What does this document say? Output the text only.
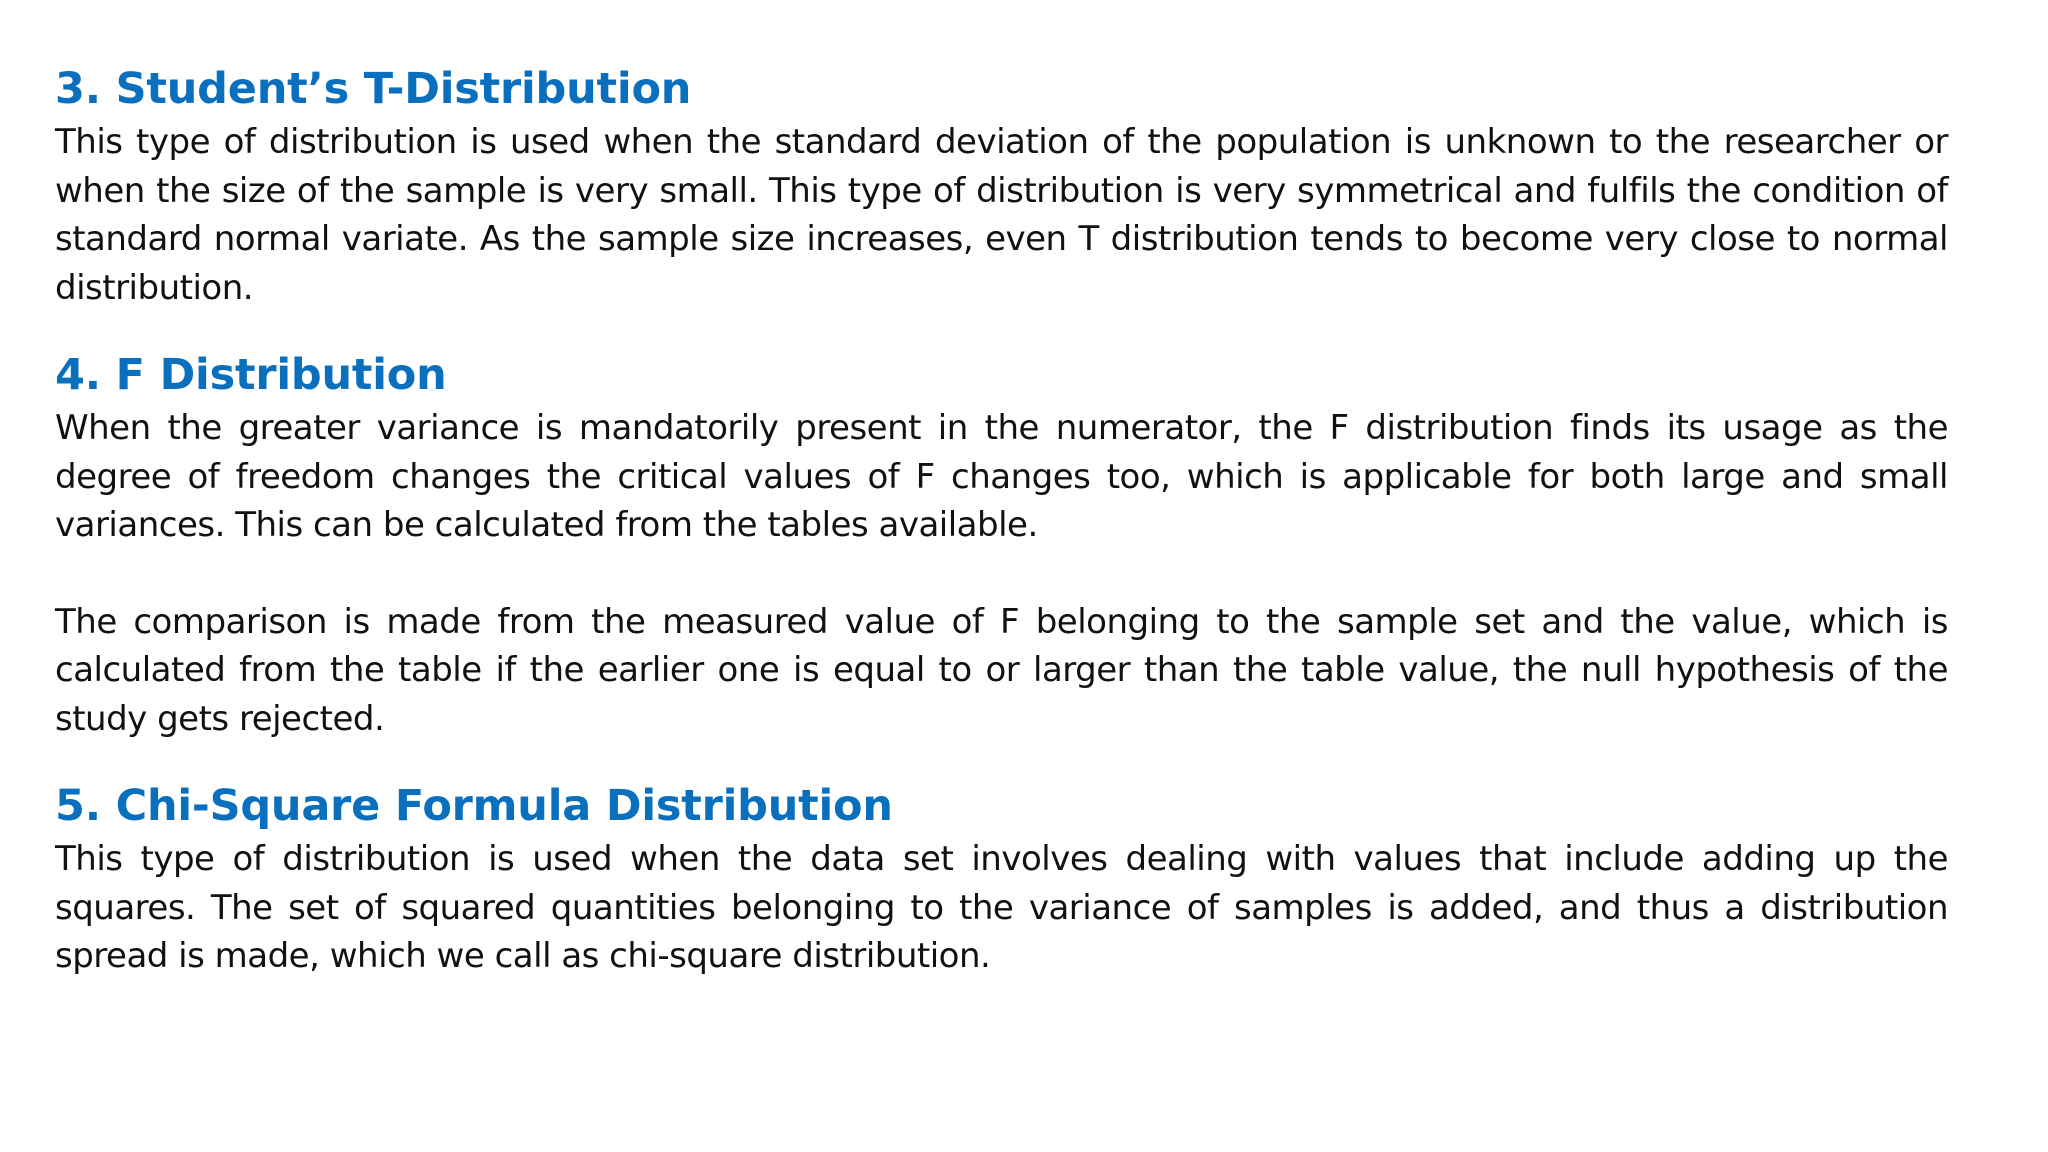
3. Student’s T-Distribution

This type of distribution is used when the standard deviation of the population is unknown to the researcher or when the size of the sample is very small. This type of distribution is very symmetrical and fulfils the condition of standard normal variate. As the sample size increases, even T distribution tends to become very close to normal distribution.

4. F Distribution

When the greater variance is mandatorily present in the numerator, the F distribution finds its usage as the degree of freedom changes the critical values of F changes too, which is applicable for both large and small variances. This can be calculated from the tables available.

The comparison is made from the measured value of F belonging to the sample set and the value, which is calculated from the table if the earlier one is equal to or larger than the table value, the null hypothesis of the study gets rejected.

5. Chi-Square Formula Distribution

This type of distribution is used when the data set involves dealing with values that include adding up the squares. The set of squared quantities belonging to the variance of samples is added, and thus a distribution spread is made, which we call as chi-square distribution.
